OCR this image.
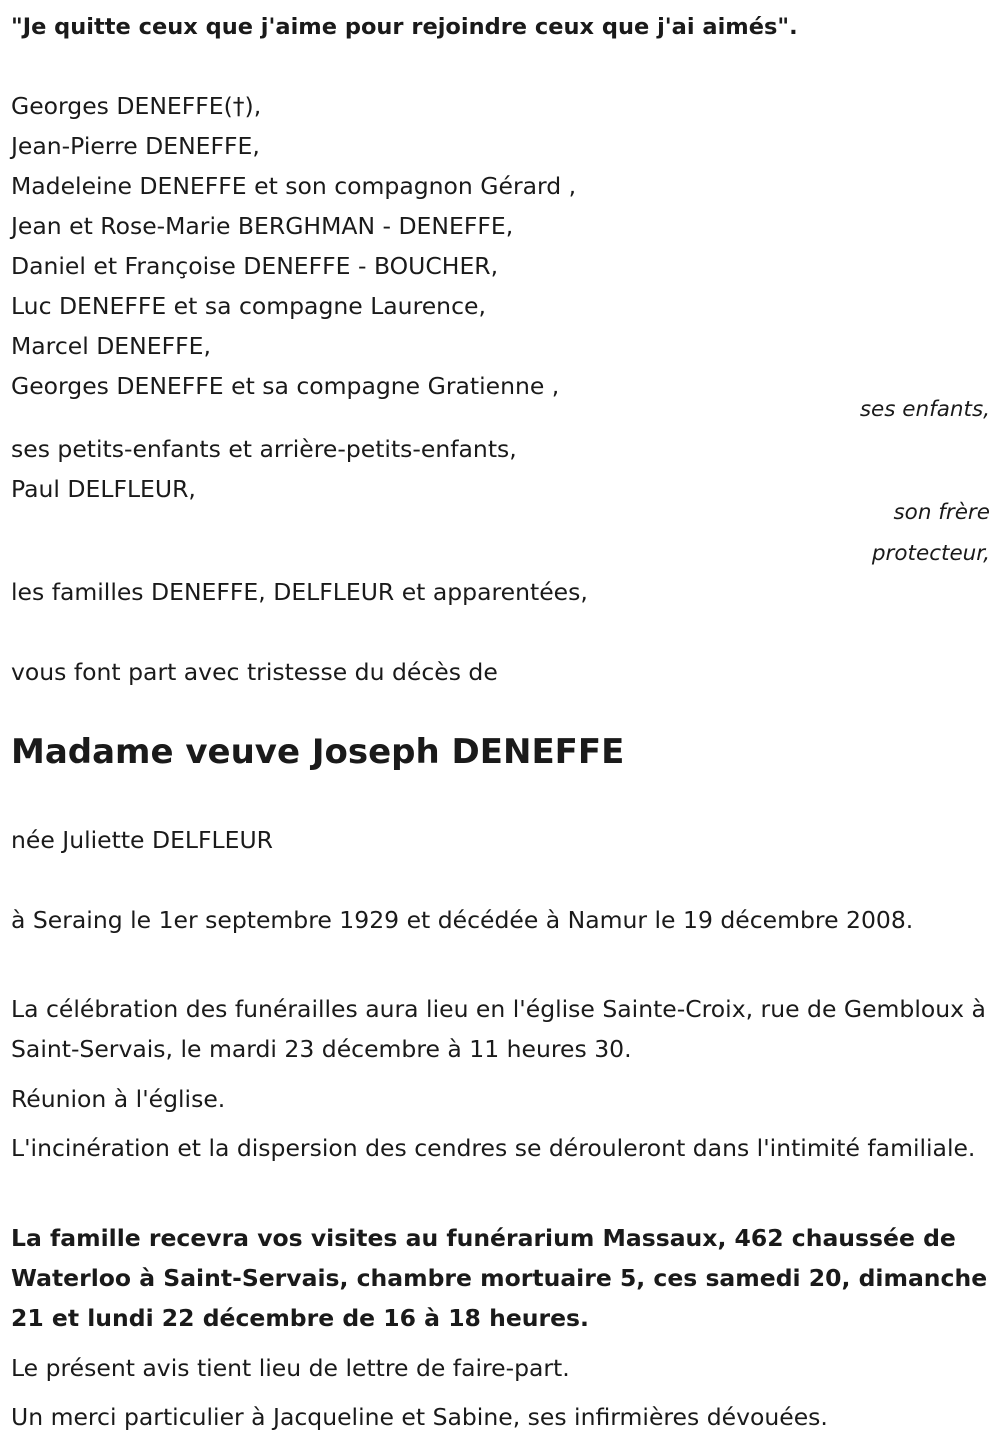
"Je quitte ceux que j'aime pour rejoindre ceux que j'ai aimés".
Georges DENEFFE(†),
Jean-Pierre DENEFFE,
Madeleine DENEFFE et son compagnon Gérard ,
Jean et Rose-Marie BERGHMAN - DENEFFE,
Daniel et Françoise DENEFFE - BOUCHER,
Luc DENEFFE et sa compagne Laurence,
Marcel DENEFFE,
Georges DENEFFE et sa compagne Gratienne ,
ses enfants,
ses petits-enfants et arrière-petits-enfants,
Paul DELFLEUR,
son frère
protecteur,
les familles DENEFFE, DELFLEUR et apparentées,
vous font part avec tristesse du décès de
Madame veuve Joseph DENEFFE
née Juliette DELFLEUR
à Seraing le 1er septembre 1929 et décédée à Namur le 19 décembre 2008.
La célébration des funérailles aura lieu en l'église Sainte-Croix, rue de Gembloux à Saint-Servais, le mardi 23 décembre à 11 heures 30.
Réunion à l'église.
L'incinération et la dispersion des cendres se dérouleront dans l'intimité familiale.
La famille recevra vos visites au funérarium Massaux, 462 chaussée de Waterloo à Saint-Servais, chambre mortuaire 5, ces samedi 20, dimanche 21 et lundi 22 décembre de 16 à 18 heures.
Le présent avis tient lieu de lettre de faire-part.
Un merci particulier à Jacqueline et Sabine, ses infirmières dévouées.
